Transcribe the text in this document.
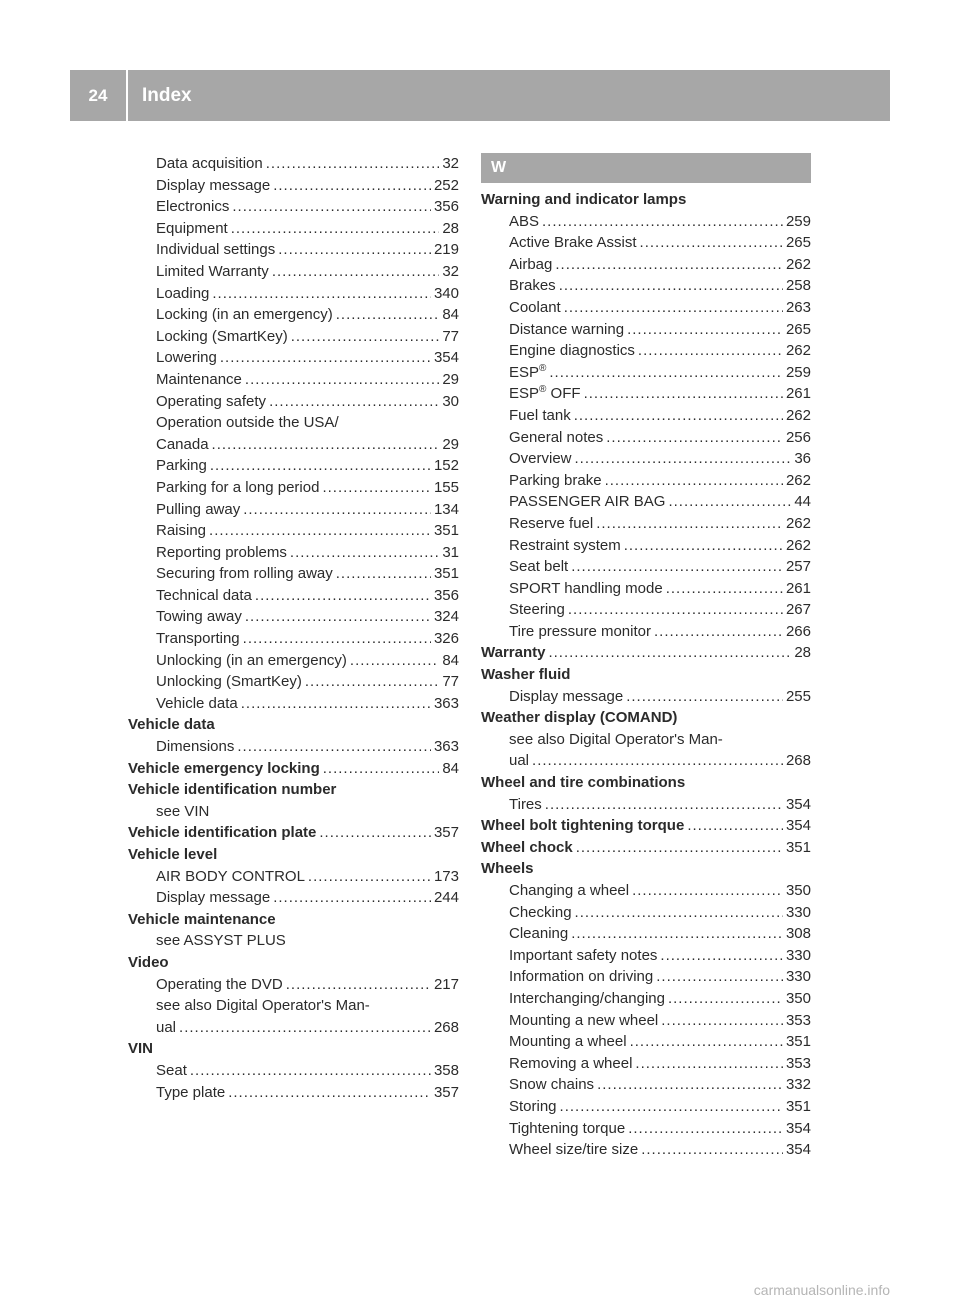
24	Index
Data acquisition .....	32
Display message .....	252
Electronics .....	356
Equipment .....	28
Individual settings .....	219
Limited Warranty .....	32
Loading .....	340
Locking (in an emergency) .....	84
Locking (SmartKey) .....	77
Lowering .....	354
Maintenance .....	29
Operating safety .....	30
Operation outside the USA/
Canada .....	29
Parking .....	152
Parking for a long period .....	155
Pulling away .....	134
Raising .....	351
Reporting problems .....	31
Securing from rolling away .....	351
Technical data .....	356
Towing away .....	324
Transporting .....	326
Unlocking (in an emergency) .....	84
Unlocking (SmartKey) .....	77
Vehicle data .....	363
Vehicle data
Dimensions .....	363
Vehicle emergency locking .....	84
Vehicle identification number
see VIN
Vehicle identification plate .....	357
Vehicle level
AIR BODY CONTROL .....	173
Display message .....	244
Vehicle maintenance
see ASSYST PLUS
Video
Operating the DVD .....	217
see also Digital Operator's Man-
ual .....	268
VIN
Seat .....	358
Type plate .....	357
W
Warning and indicator lamps
ABS .....	259
Active Brake Assist .....	265
Airbag .....	262
Brakes .....	258
Coolant .....	263
Distance warning .....	265
Engine diagnostics .....	262
ESP® .....	259
ESP® OFF .....	261
Fuel tank .....	262
General notes .....	256
Overview .....	36
Parking brake .....	262
PASSENGER AIR BAG .....	44
Reserve fuel .....	262
Restraint system .....	262
Seat belt .....	257
SPORT handling mode .....	261
Steering .....	267
Tire pressure monitor .....	266
Warranty .....	28
Washer fluid
Display message .....	255
Weather display (COMAND)
see also Digital Operator's Man-
ual .....	268
Wheel and tire combinations
Tires .....	354
Wheel bolt tightening torque .....	354
Wheel chock .....	351
Wheels
Changing a wheel .....	350
Checking .....	330
Cleaning .....	308
Important safety notes .....	330
Information on driving .....	330
Interchanging/changing .....	350
Mounting a new wheel .....	353
Mounting a wheel .....	351
Removing a wheel .....	353
Snow chains .....	332
Storing .....	351
Tightening torque .....	354
Wheel size/tire size .....	354
carmanualsonline.info
